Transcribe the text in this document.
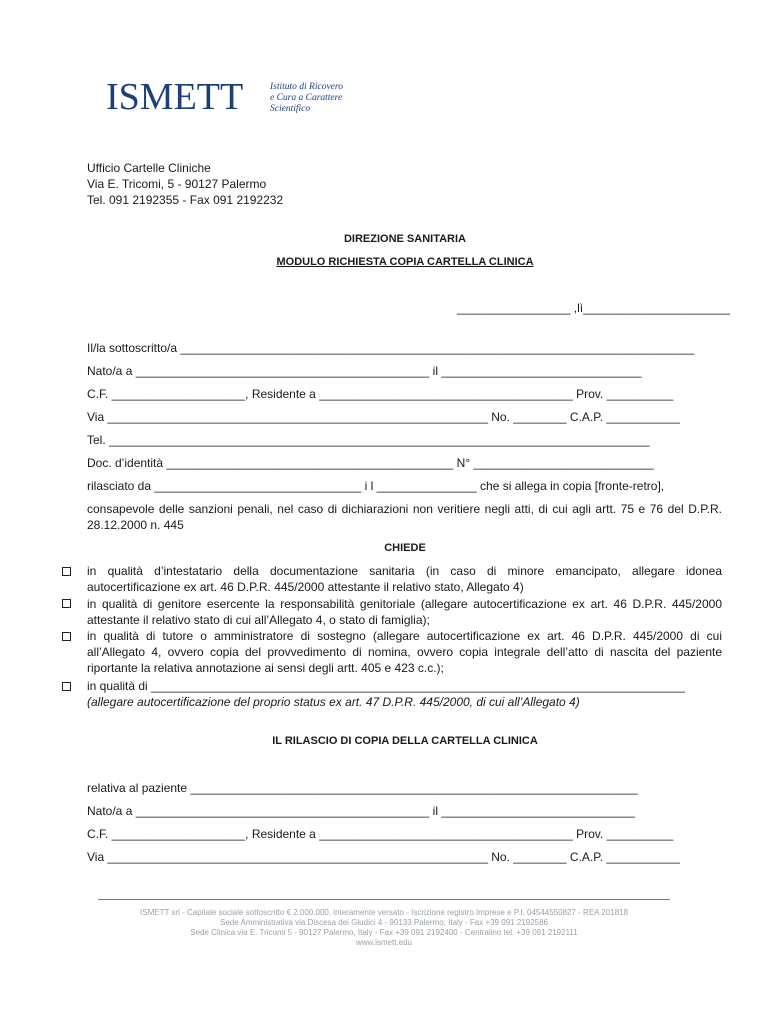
ISMETT	Istituto di Ricovero
e Cura a Carattere
Scientifico
Ufficio Cartelle Cliniche
Via E. Tricomi, 5 - 90127 Palermo
Tel. 091 2192355 - Fax 091 2192232
DIREZIONE SANITARIA
MODULO RICHIESTA COPIA CARTELLA CLINICA
_________________ ,lì______________________
Il/la sottoscritto/a _____________________________________________________________________________
Nato/a a ____________________________________________ il ______________________________
C.F. ____________________, Residente a ______________________________________ Prov. __________
Via _________________________________________________________ No. ________ C.A.P. ___________
Tel. _________________________________________________________________________________
Doc. d’identità ___________________________________________ N° ___________________________
rilasciato da _______________________________ i l _______________ che si allega in copia [fronte-retro],
consapevole delle sanzioni penali, nel caso di dichiarazioni non veritiere negli atti, di cui agli artt. 75 e 76 del D.P.R. 28.12.2000 n. 445
CHIEDE
in qualità d’intestatario della documentazione sanitaria (in caso di minore emancipato, allegare idonea autocertificazione ex art. 46 D.P.R. 445/2000 attestante il relativo stato, Allegato 4)
in qualità di genitore esercente la responsabilità genitoriale (allegare autocertificazione ex art. 46 D.P.R. 445/2000 attestante il relativo stato di cui all’Allegato 4, o stato di famiglia);
in qualità di tutore o amministratore di sostegno (allegare autocertificazione ex art. 46 D.P.R. 445/2000 di cui all’Allegato 4, ovvero copia del provvedimento di nomina, ovvero copia integrale dell’atto di nascita del paziente riportante la relativa annotazione ai sensi degli artt. 405 e 423 c.c.);
in qualità di ________________________________________________________________________________
(allegare autocertificazione del proprio status ex art. 47 D.P.R. 445/2000, di cui all’Allegato 4)
IL RILASCIO DI COPIA DELLA CARTELLA CLINICA
relativa al paziente ___________________________________________________________________
Nato/a a ____________________________________________ il _____________________________
C.F. ____________________, Residente a ______________________________________ Prov. __________
Via _________________________________________________________ No. ________ C.A.P. ___________
ISMETT srl - Capitale sociale sottoscritto € 2.000.000, interamente versato - Iscrizione registro Imprese e P.I. 04544550827 - REA 201818
Sede Amministrativa via Discesa dei Giudici 4 - 90133 Palermo, Italy - Fax +39 091 2192586
Sede Clinica via E. Tricomi 5 - 90127 Palermo, Italy - Fax +39 091 2192400 - Centralino tel. +39 091 2192111
www.ismett.edu
